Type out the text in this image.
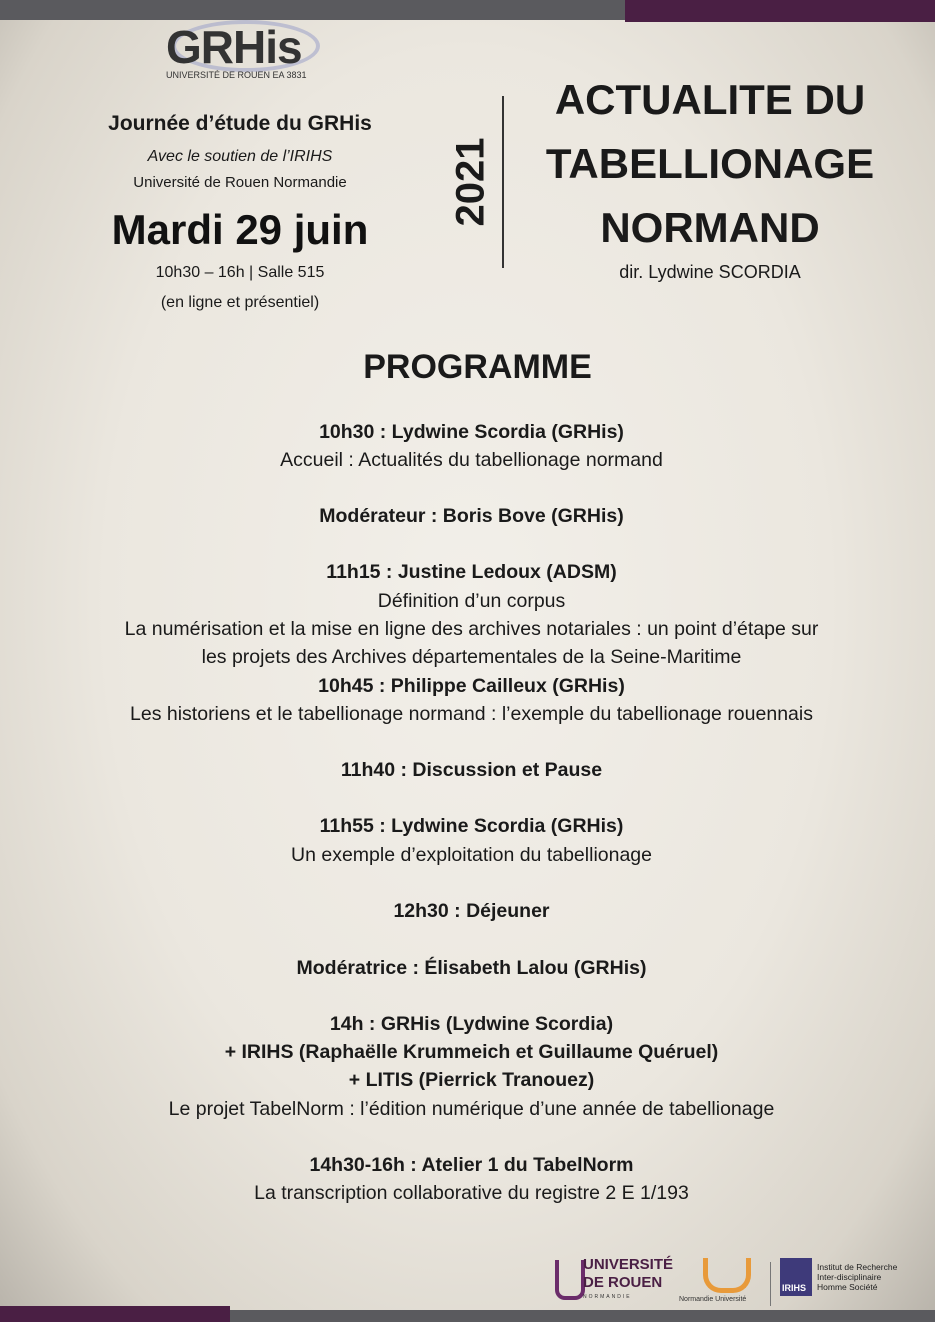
GRHis
UNIVERSITÉ DE ROUEN EA 3831
Journée d’étude du GRHis
Avec le soutien de l’IRIHS
Université de Rouen Normandie
Mardi 29 juin
10h30 – 16h | Salle 515
(en ligne et présentiel)
2021
ACTUALITE DU
TABELLIONAGE
NORMAND
dir. Lydwine SCORDIA
PROGRAMME
10h30 : Lydwine Scordia (GRHis)
Accueil : Actualités du tabellionage normand
Modérateur : Boris Bove (GRHis)
11h15 : Justine Ledoux (ADSM)
Définition d’un corpus
La numérisation et la mise en ligne des archives notariales : un point d’étape sur
les projets des Archives départementales de la Seine-Maritime
10h45 : Philippe Cailleux (GRHis)
Les historiens et le tabellionage normand : l’exemple du tabellionage rouennais
11h40 : Discussion et Pause
11h55 : Lydwine Scordia (GRHis)
Un exemple d’exploitation du tabellionage
12h30 : Déjeuner
Modératrice : Élisabeth Lalou (GRHis)
14h : GRHis (Lydwine Scordia)
+ IRIHS (Raphaëlle Krummeich et Guillaume Quéruel)
+ LITIS (Pierrick Tranouez)
Le projet TabelNorm : l’édition numérique d’une année de tabellionage
14h30-16h : Atelier 1 du TabelNorm
La transcription collaborative du registre 2 E 1/193
UNIVERSITÉ
DE ROUEN
NORMANDIE	Normandie Université
IRIHS
Institut de Recherche
Inter-disciplinaire
Homme Société
